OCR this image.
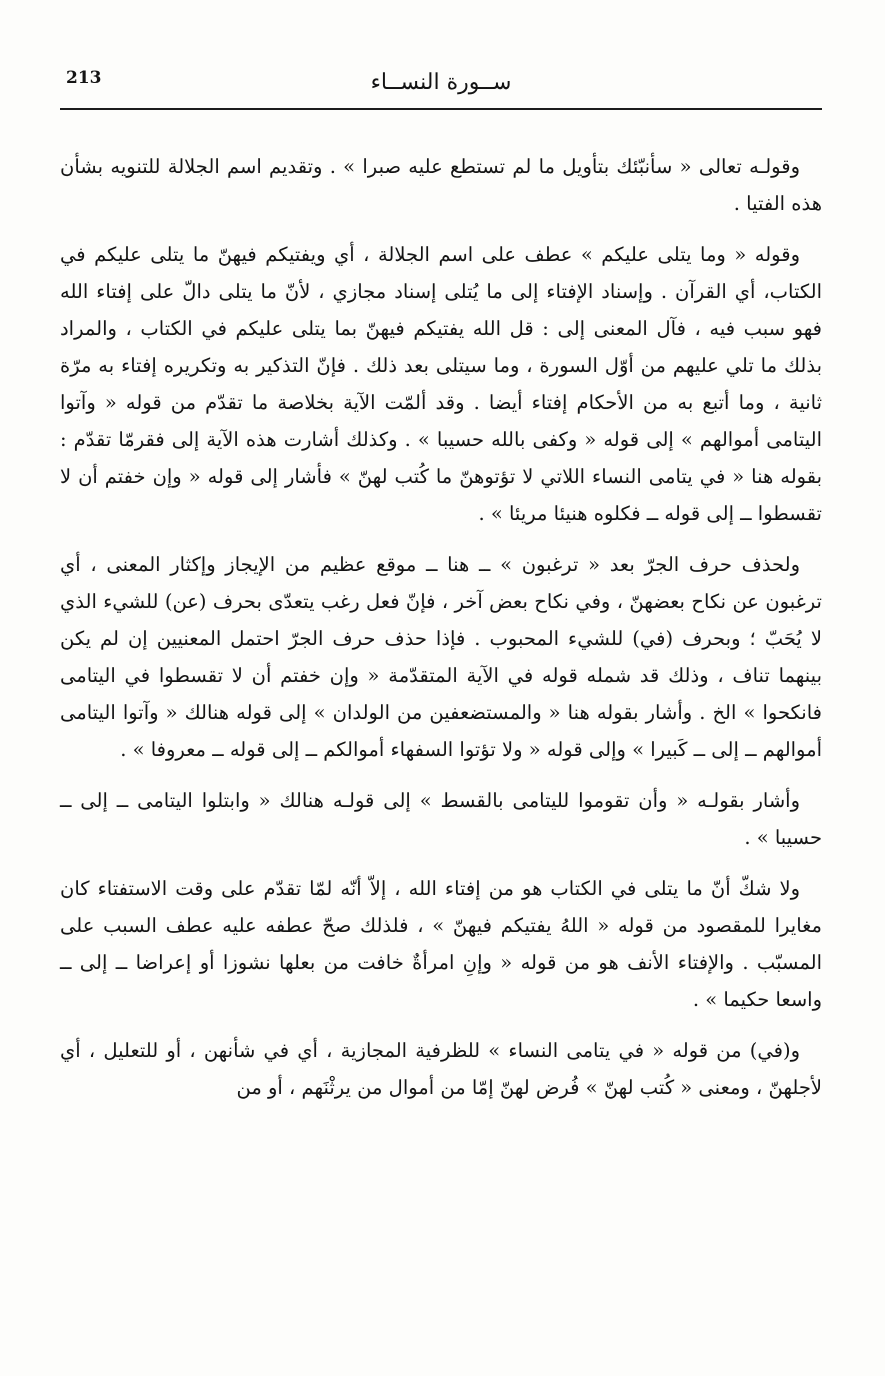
213	ســورة النســاء

وقولـه تعالى « سأنبّئك بتأويل ما لم تستطع عليه صبرا » . وتقديم اسم الجلالة للتنويه بشأن هذه الفتيا .

وقوله « وما يتلى عليكم » عطف على اسم الجلالة ، أي ويفتيكم فيهنّ ما يتلى عليكم في الكتاب، أي القرآن . وإسناد الإفتاء إلى ما يُتلى إسناد مجازي ، لأنّ ما يتلى دالّ على إفتاء الله فهو سبب فيه ، فآل المعنى إلى : قل الله يفتيكم فيهنّ بما يتلى عليكم في الكتاب ، والمراد بذلك ما تلي عليهم من أوّل السورة ، وما سيتلى بعد ذلك . فإنّ التذكير به وتكريره إفتاء به مرّة ثانية ، وما أتبع به من الأحكام إفتاء أيضا . وقد ألمّت الآية بخلاصة ما تقدّم من قوله « وآتوا اليتامى أموالهم » إلى قوله « وكفى بالله حسيبا » . وكذلك أشارت هذه الآية إلى فقرمّا تقدّم : بقوله هنا « في يتامى النساء اللاتي لا تؤتوهنّ ما كُتب لهنّ » فأشار إلى قوله « وإن خفتم أن لا تقسطوا ــ إلى قوله ــ فكلوه هنيئا مريئا » .

ولحذف حرف الجرّ بعد « ترغبون » ــ هنا ــ موقع عظيم من الإيجاز وإكثار المعنى ، أي ترغبون عن نكاح بعضهنّ ، وفي نكاح بعض آخر ، فإنّ فعل رغب يتعدّى بحرف (عن) للشيء الذي لا يُحَبّ ؛ وبحرف (في) للشيء المحبوب . فإذا حذف حرف الجرّ احتمل المعنيين إن لم يكن بينهما تناف ، وذلك قد شمله قوله في الآية المتقدّمة « وإن خفتم أن لا تقسطوا في اليتامى فانكحوا » الخ . وأشار بقوله هنا « والمستضعفين من الولدان » إلى قوله هنالك « وآتوا اليتامى أموالهم ــ إلى ــ كَبيرا » وإلى قوله « ولا تؤتوا السفهاء أموالكم ــ إلى قوله ــ معروفا » .

وأشار بقولـه « وأن تقوموا لليتامى بالقسط » إلى قولـه هنالك « وابتلوا اليتامى ــ إلى ــ حسيبا » .

ولا شكّ أنّ ما يتلى في الكتاب هو من إفتاء الله ، إلاّ أنّه لمّا تقدّم على وقت الاستفتاء كان مغايرا للمقصود من قوله « اللهُ يفتيكم فيهنّ » ، فلذلك صحّ عطفه عليه عطف السبب على المسبّب . والإفتاء الأنف هو من قوله « وإنِ امرأةٌ خافت من بعلها نشوزا أو إعراضا ــ إلى ــ واسعا حكيما » .

و(في) من قوله « في يتامى النساء » للظرفية المجازية ، أي في شأنهن ، أو للتعليل ، أي لأجلهنّ ، ومعنى « كُتب لهنّ » فُرض لهنّ إمّا من أموال من يرثْنَهم ، أو من
